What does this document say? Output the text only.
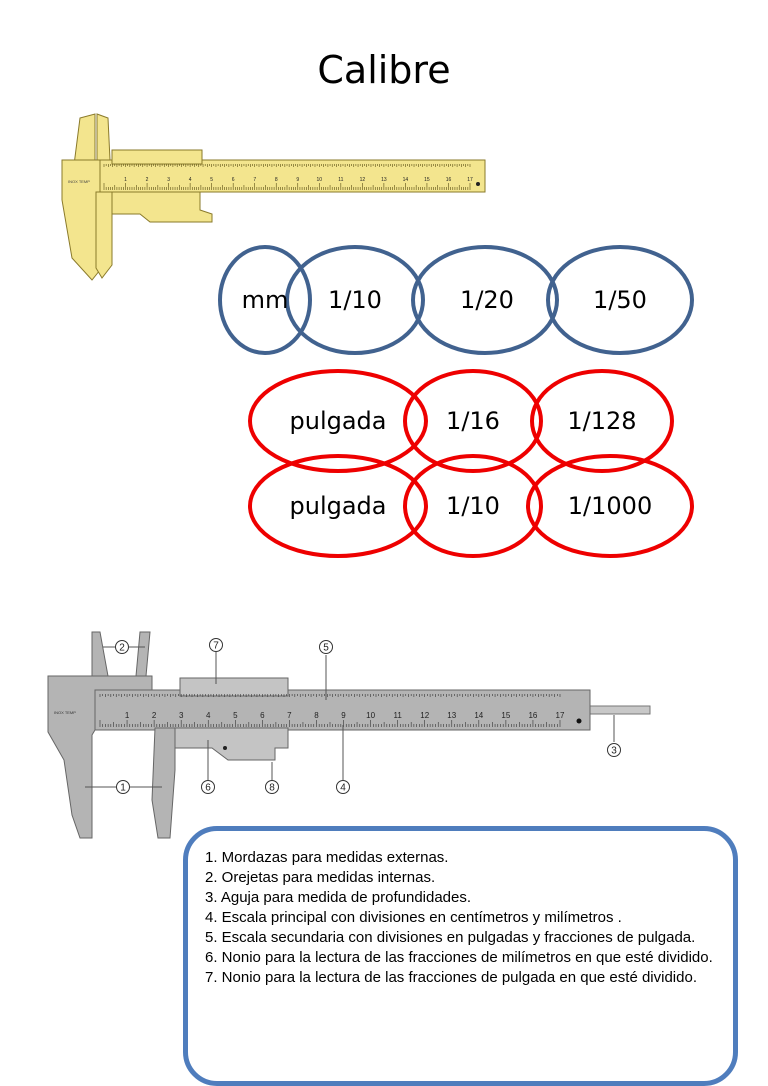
Calibre
1	2	3	4	5	6	7	8	9	10	11	12	13	14	15	16	17
INOX TEMP
mm 1/10	1/20	1/50
pulgada 1/16	1/128
pulgada 1/10	1/1000
1	2	3	4	5	6	7	8	9	10 11 12 13 14 15 16 17
INOX TEMP
1
2
3
4
5
6
7
8
1. Mordazas para medidas externas.
2. Orejetas para medidas internas.
3. Aguja para medida de profundidades.
4. Escala principal con divisiones en centímetros y milímetros .
5. Escala secundaria con divisiones en pulgadas y fracciones de pulgada.
6. Nonio para la lectura de las fracciones de milímetros en que esté dividido.
7. Nonio para la lectura de las fracciones de pulgada en que esté dividido.
